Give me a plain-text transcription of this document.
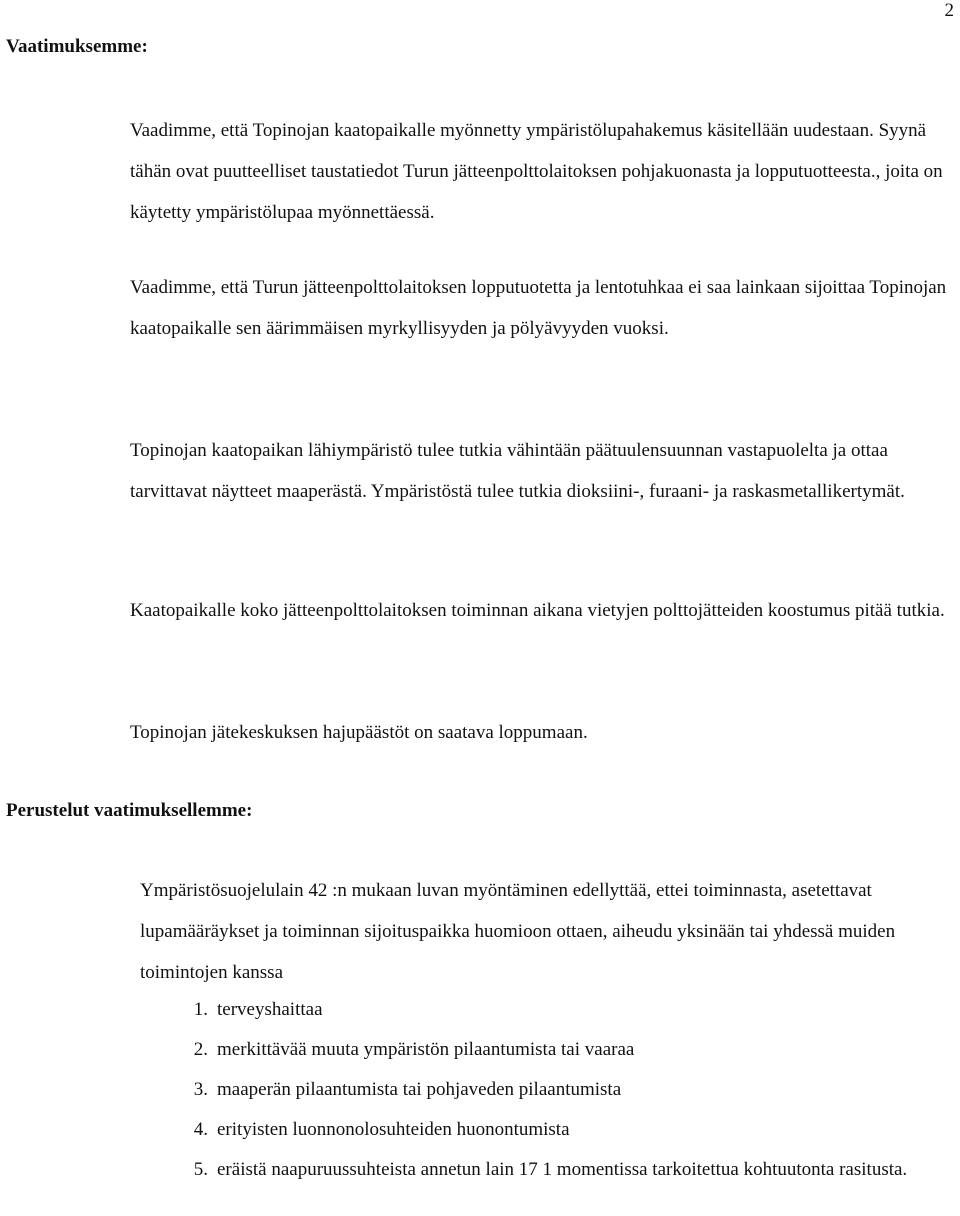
2
Vaatimuksemme:

Vaadimme, että Topinojan kaatopaikalle myönnetty ympäristölupahakemus käsitellään uudestaan. Syynä tähän ovat puutteelliset taustatiedot Turun jätteenpolttolaitoksen pohjakuonasta ja lopputuotteesta., joita on käytetty ympäristölupaa myönnettäessä.

Vaadimme, että Turun jätteenpolttolaitoksen lopputuotetta ja lentotuhkaa ei saa lainkaan sijoittaa Topinojan kaatopaikalle sen äärimmäisen myrkyllisyyden ja pölyävyyden vuoksi.

Topinojan kaatopaikan lähiympäristö tulee tutkia vähintään päätuulensuunnan vastapuolelta ja ottaa tarvittavat näytteet maaperästä. Ympäristöstä tulee tutkia dioksiini-, furaani- ja raskasmetallikertymät.

Kaatopaikalle koko jätteenpolttolaitoksen toiminnan aikana vietyjen polttojätteiden koostumus pitää tutkia.

Topinojan jätekeskuksen hajupäästöt on saatava loppumaan.

Perustelut vaatimuksellemme:

Ympäristösuojelulain 42 :n mukaan luvan myöntäminen edellyttää, ettei toiminnasta, asetettavat lupamääräykset ja toiminnan sijoituspaikka huomioon ottaen, aiheudu yksinään tai yhdessä muiden toimintojen kanssa

1. terveyshaittaa
2. merkittävää muuta ympäristön pilaantumista tai vaaraa
3. maaperän pilaantumista tai pohjaveden pilaantumista
4. erityisten luonnonolosuhteiden huonontumista
5. eräistä naapuruussuhteista annetun lain 17 1 momentissa tarkoitettua kohtuutonta rasitusta.
